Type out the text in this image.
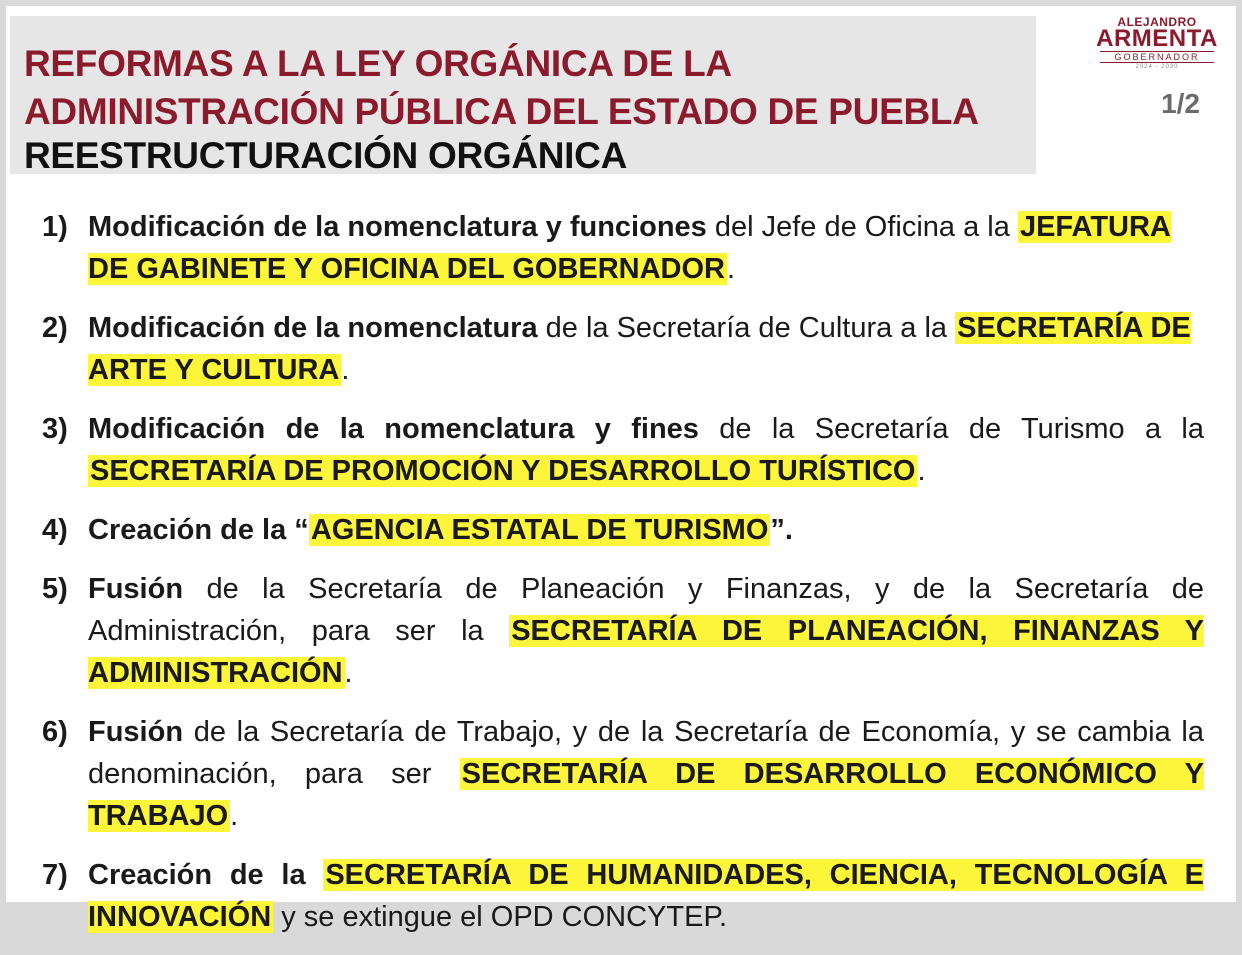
REFORMAS A LA LEY ORGÁNICA DE LA
ADMINISTRACIÓN PÚBLICA DEL ESTADO DE PUEBLA
REESTRUCTURACIÓN ORGÁNICA
ALEJANDRO
ARMENTA
GOBERNADOR
2024 - 2030
1/2
1) Modificación de la nomenclatura y funciones del Jefe de Oficina a la JEFATURA DE GABINETE Y OFICINA DEL GOBERNADOR.
2) Modificación de la nomenclatura de la Secretaría de Cultura a la SECRETARÍA DE ARTE Y CULTURA.
3) Modificación de la nomenclatura y fines de la Secretaría de Turismo a la SECRETARÍA DE PROMOCIÓN Y DESARROLLO TURÍSTICO.
4) Creación de la “AGENCIA ESTATAL DE TURISMO”.
5) Fusión de la Secretaría de Planeación y Finanzas, y de la Secretaría de Administración, para ser la SECRETARÍA DE PLANEACIÓN, FINANZAS Y ADMINISTRACIÓN.
6) Fusión de la Secretaría de Trabajo, y de la Secretaría de Economía, y se cambia la denominación, para ser SECRETARÍA DE DESARROLLO ECONÓMICO Y TRABAJO.
7) Creación de la SECRETARÍA DE HUMANIDADES, CIENCIA, TECNOLOGÍA E INNOVACIÓN y se extingue el OPD CONCYTEP.
